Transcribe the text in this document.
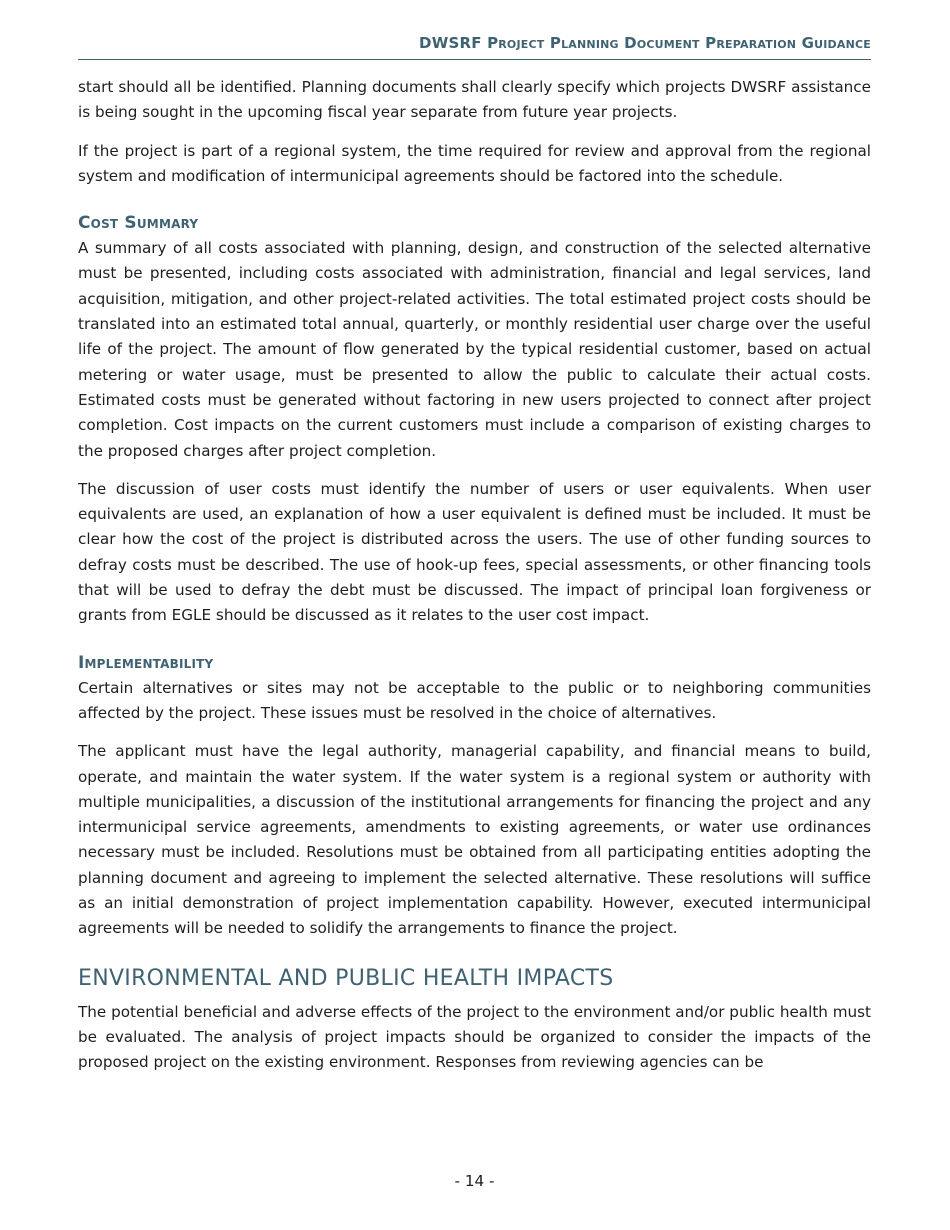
DWSRF Project Planning Document Preparation Guidance

start should all be identified. Planning documents shall clearly specify which projects DWSRF assistance is being sought in the upcoming fiscal year separate from future year projects.

If the project is part of a regional system, the time required for review and approval from the regional system and modification of intermunicipal agreements should be factored into the schedule.

Cost Summary

A summary of all costs associated with planning, design, and construction of the selected alternative must be presented, including costs associated with administration, financial and legal services, land acquisition, mitigation, and other project-related activities. The total estimated project costs should be translated into an estimated total annual, quarterly, or monthly residential user charge over the useful life of the project. The amount of flow generated by the typical residential customer, based on actual metering or water usage, must be presented to allow the public to calculate their actual costs. Estimated costs must be generated without factoring in new users projected to connect after project completion. Cost impacts on the current customers must include a comparison of existing charges to the proposed charges after project completion.

The discussion of user costs must identify the number of users or user equivalents. When user equivalents are used, an explanation of how a user equivalent is defined must be included. It must be clear how the cost of the project is distributed across the users. The use of other funding sources to defray costs must be described. The use of hook-up fees, special assessments, or other financing tools that will be used to defray the debt must be discussed. The impact of principal loan forgiveness or grants from EGLE should be discussed as it relates to the user cost impact.

Implementability

Certain alternatives or sites may not be acceptable to the public or to neighboring communities affected by the project. These issues must be resolved in the choice of alternatives.

The applicant must have the legal authority, managerial capability, and financial means to build, operate, and maintain the water system. If the water system is a regional system or authority with multiple municipalities, a discussion of the institutional arrangements for financing the project and any intermunicipal service agreements, amendments to existing agreements, or water use ordinances necessary must be included. Resolutions must be obtained from all participating entities adopting the planning document and agreeing to implement the selected alternative. These resolutions will suffice as an initial demonstration of project implementation capability. However, executed intermunicipal agreements will be needed to solidify the arrangements to finance the project.

ENVIRONMENTAL AND PUBLIC HEALTH IMPACTS

The potential beneficial and adverse effects of the project to the environment and/or public health must be evaluated. The analysis of project impacts should be organized to consider the impacts of the proposed project on the existing environment. Responses from reviewing agencies can be

- 14 -
